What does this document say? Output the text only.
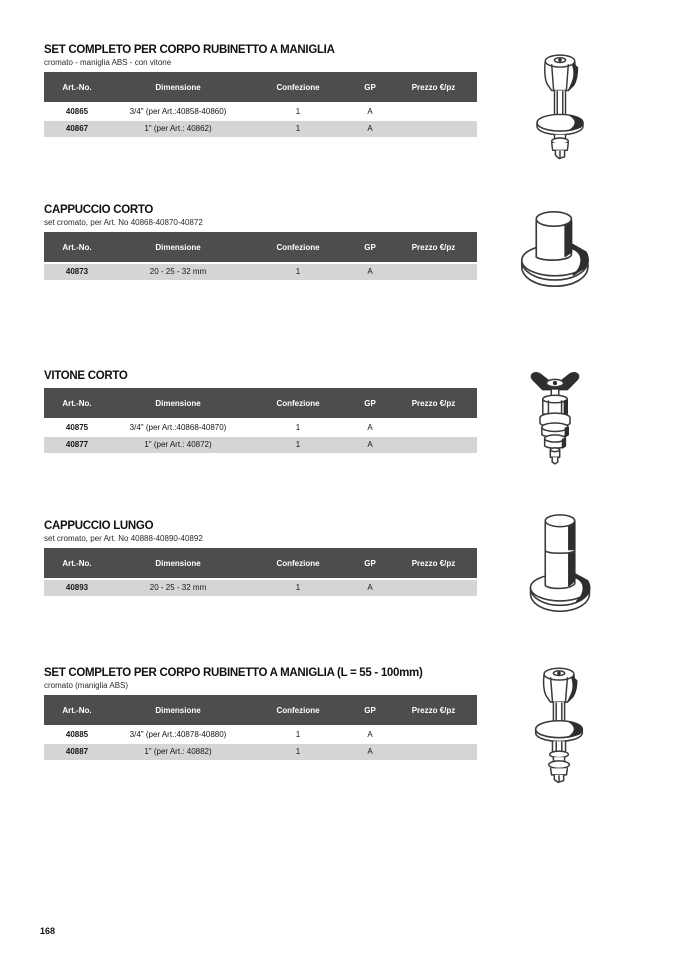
SET COMPLETO PER CORPO RUBINETTO A MANIGLIA

cromato - maniglia ABS - con vitone

Art.-No.	Dimensione	Confezione	GP	Prezzo €/pz
40865	3/4" (per Art.:40858-40860)	1	A	
40867	1" (per Art.: 40862)	1	A	
CAPPUCCIO CORTO

set cromato, per Art. No 40868-40870-40872

Art.-No.	Dimensione	Confezione	GP	Prezzo €/pz
40873	20 - 25 - 32 mm	1	A	
VITONE CORTO
Art.-No.	Dimensione	Confezione	GP	Prezzo €/pz
40875	3/4" (per Art.:40868-40870)	1	A	
40877	1" (per Art.: 40872)	1	A	
CAPPUCCIO LUNGO

set cromato, per Art. No 40888-40890-40892

Art.-No.	Dimensione	Confezione	GP	Prezzo €/pz
40893	20 - 25 - 32 mm	1	A	
SET COMPLETO PER CORPO RUBINETTO A MANIGLIA (L = 55 - 100mm)

cromato (maniglia ABS)

Art.-No.	Dimensione	Confezione	GP	Prezzo €/pz
40885	3/4" (per Art.:40878-40880)	1	A	
40887	1" (per Art.: 40882)	1	A	
168
